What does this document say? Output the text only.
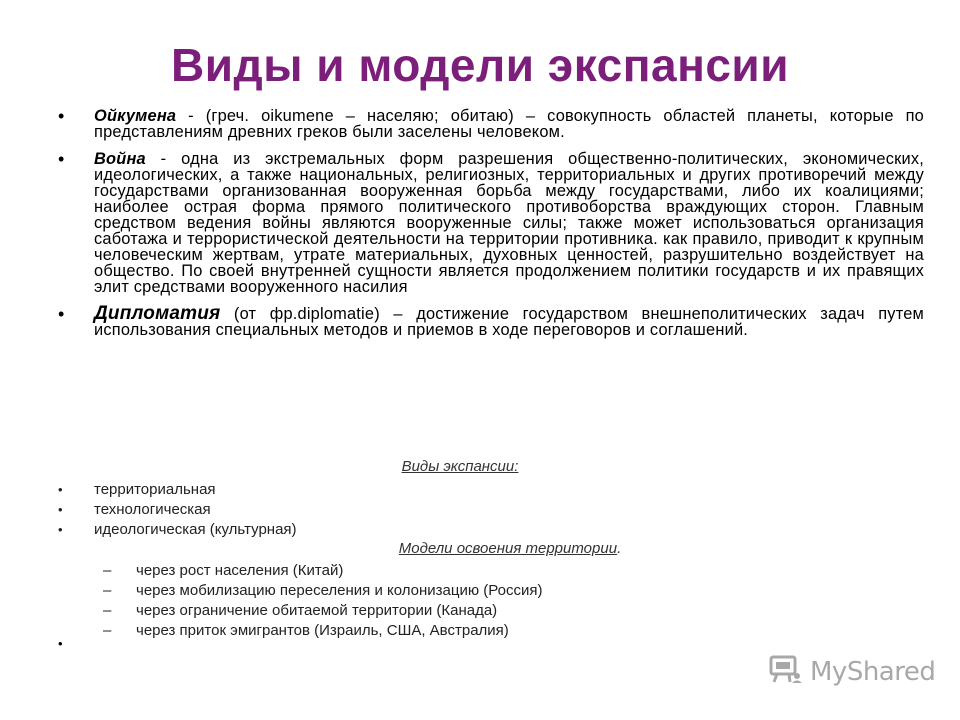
Виды и модели экспансии
• Ойкумена - (греч. oikumene – населяю; обитаю) – совокупность областей планеты, которые по представлениям древних греков были заселены человеком.
• Война - одна из экстремальных форм разрешения общественно-политических, экономических, идеологических, а также национальных, религиозных, территориальных и других противоречий между государствами организованная вооруженная борьба между государствами, либо их коалициями; наиболее острая форма прямого политического противоборства враждующих сторон. Главным средством ведения войны являются вооруженные силы; также может использоваться организация саботажа и террористической деятельности на территории противника. как правило, приводит к крупным человеческим жертвам, утрате материальных, духовных ценностей, разрушительно воздействует на общество. По своей внутренней сущности является продолжением политики государств и их правящих элит средствами вооруженного насилия
• Дипломатия (от фр.diplomatie) – достижение государством внешнеполитических задач путем использования специальных методов и приемов в ходе переговоров и соглашений.
Виды экспансии:
• территориальная
• технологическая
• идеологическая (культурная)
Модели освоения территории.
– через рост населения (Китай)
– через мобилизацию переселения и колонизацию (Россия)
– через ограничение обитаемой территории (Канада)
– через приток эмигрантов (Израиль, США, Австралия)
•
MyShared
